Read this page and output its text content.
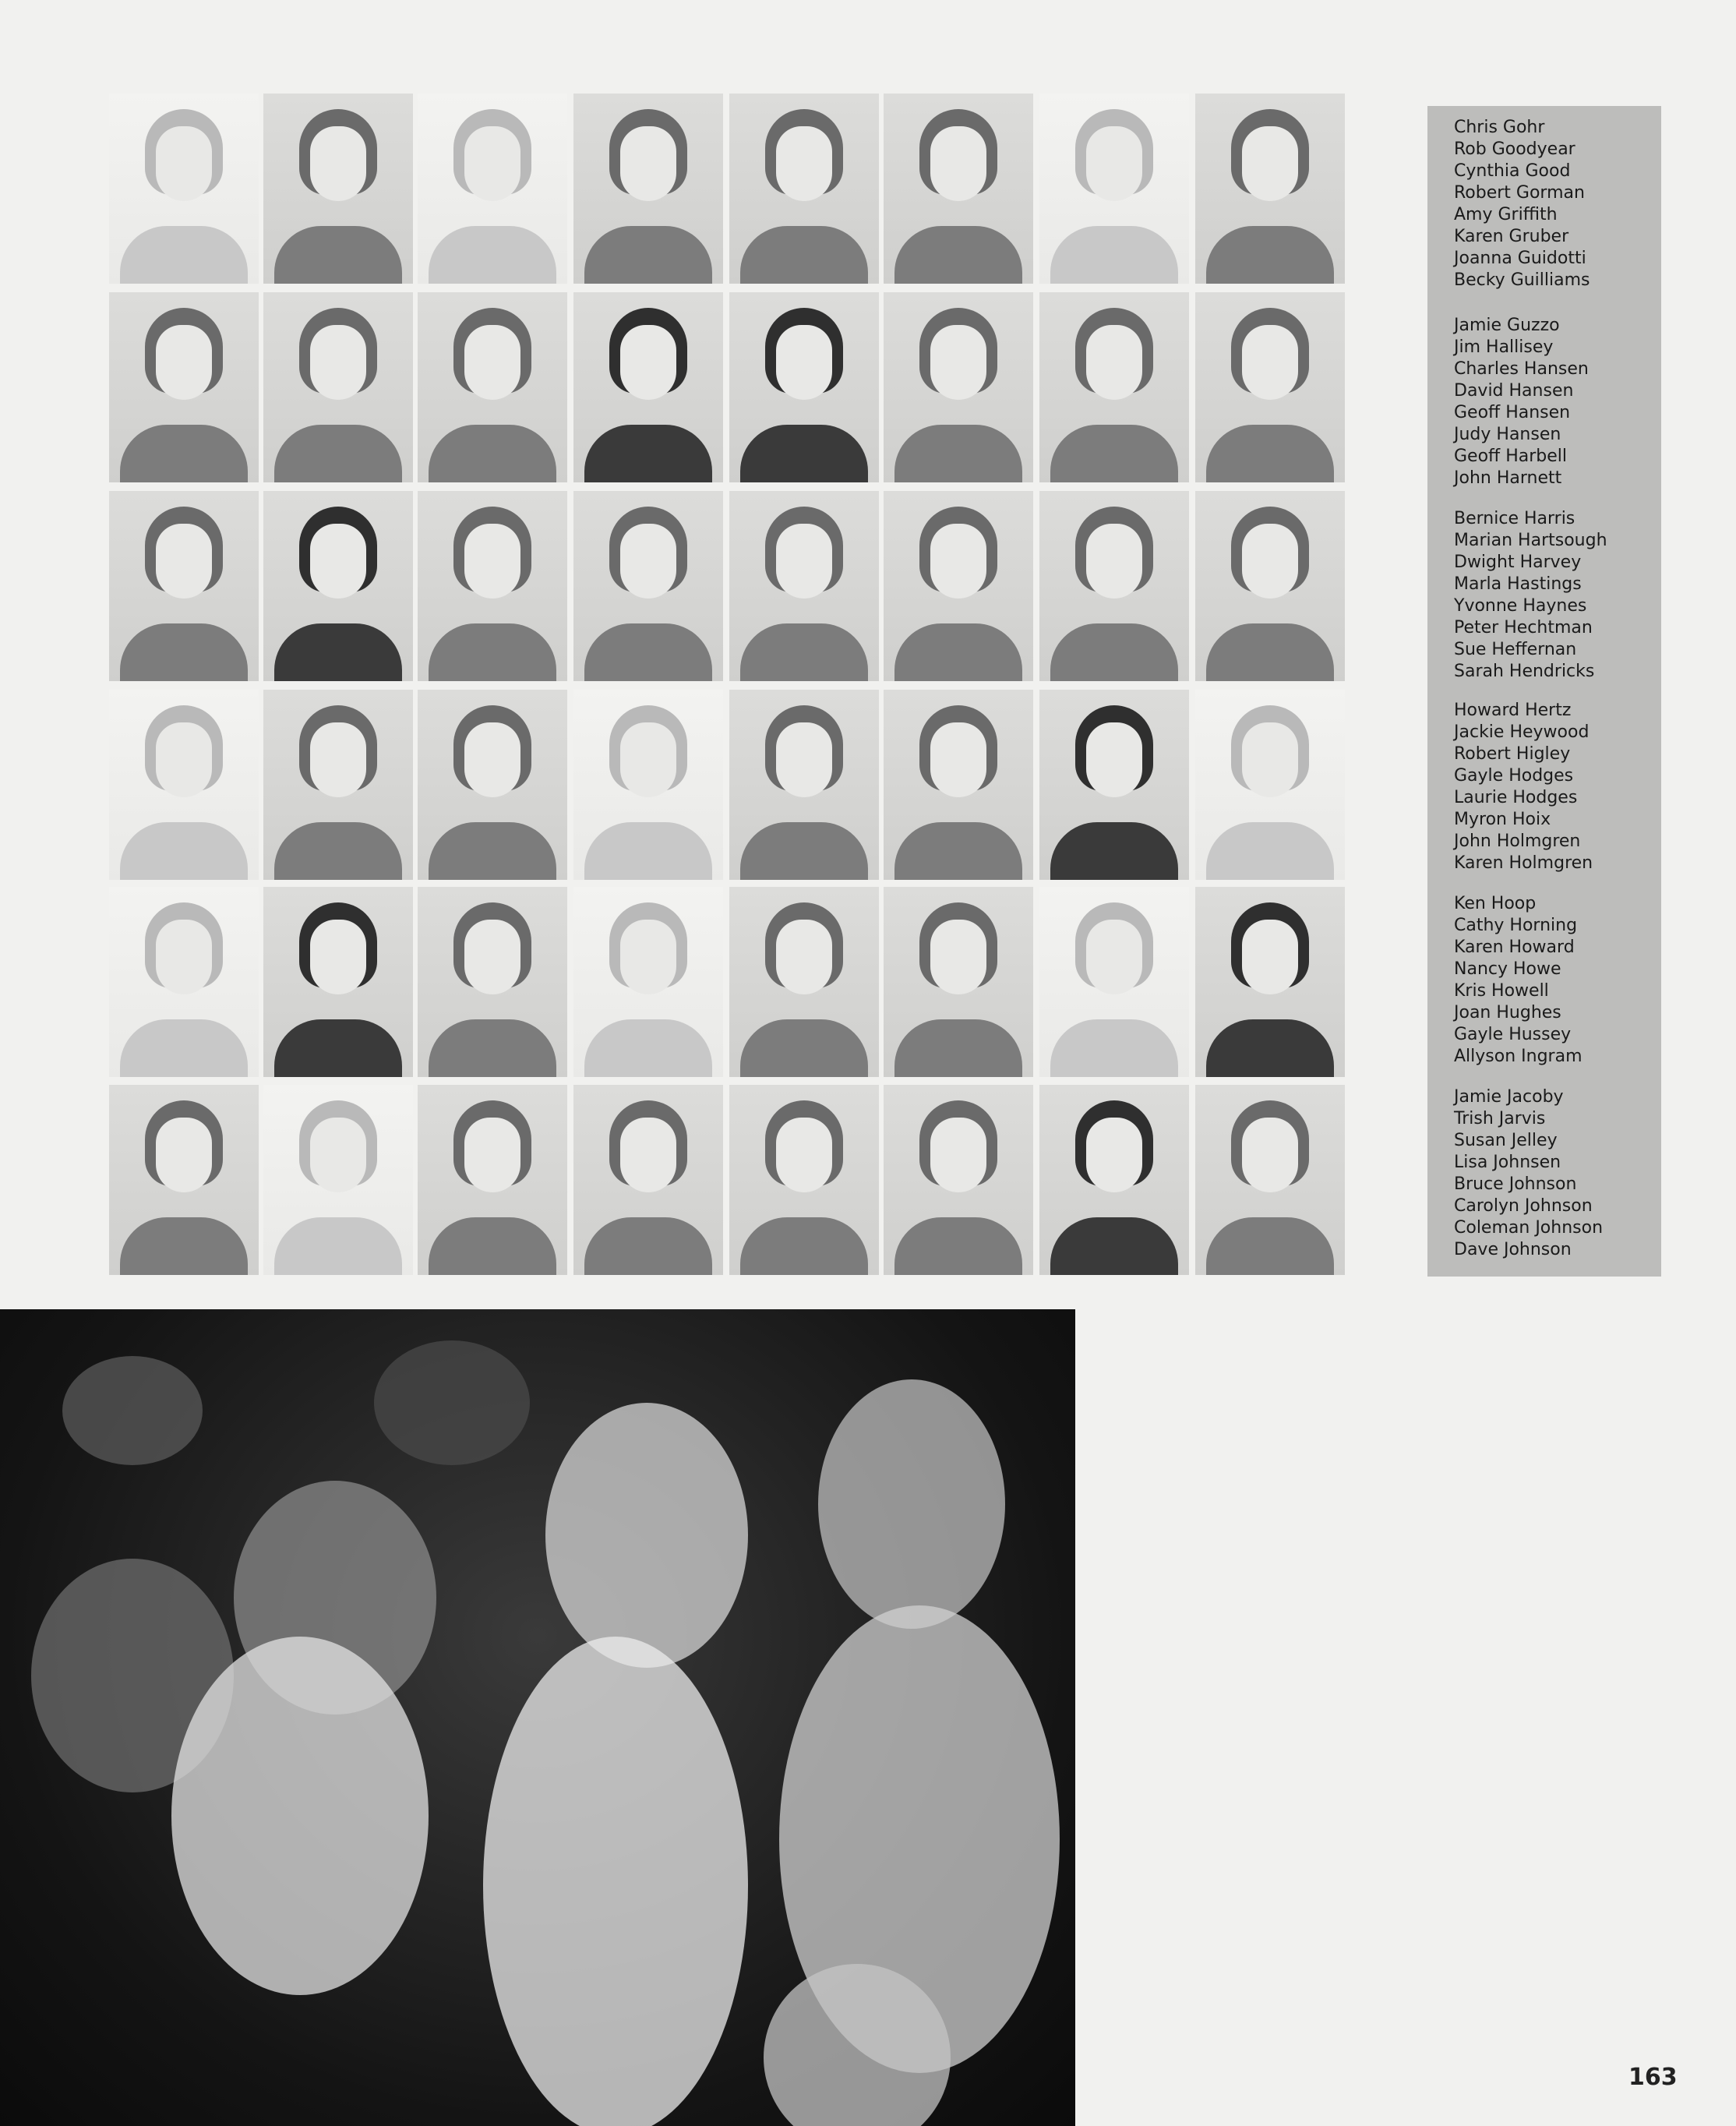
Chris Gohr
Rob Goodyear
Cynthia Good
Robert Gorman
Amy Griffith
Karen Gruber
Joanna Guidotti
Becky Guilliams
Jamie Guzzo
Jim Hallisey
Charles Hansen
David Hansen
Geoff Hansen
Judy Hansen
Geoff Harbell
John Harnett
Bernice Harris
Marian Hartsough
Dwight Harvey
Marla Hastings
Yvonne Haynes
Peter Hechtman
Sue Heffernan
Sarah Hendricks
Howard Hertz
Jackie Heywood
Robert Higley
Gayle Hodges
Laurie Hodges
Myron Hoix
John Holmgren
Karen Holmgren
Ken Hoop
Cathy Horning
Karen Howard
Nancy Howe
Kris Howell
Joan Hughes
Gayle Hussey
Allyson Ingram
Jamie Jacoby
Trish Jarvis
Susan Jelley
Lisa Johnsen
Bruce Johnson
Carolyn Johnson
Coleman Johnson
Dave Johnson
163
